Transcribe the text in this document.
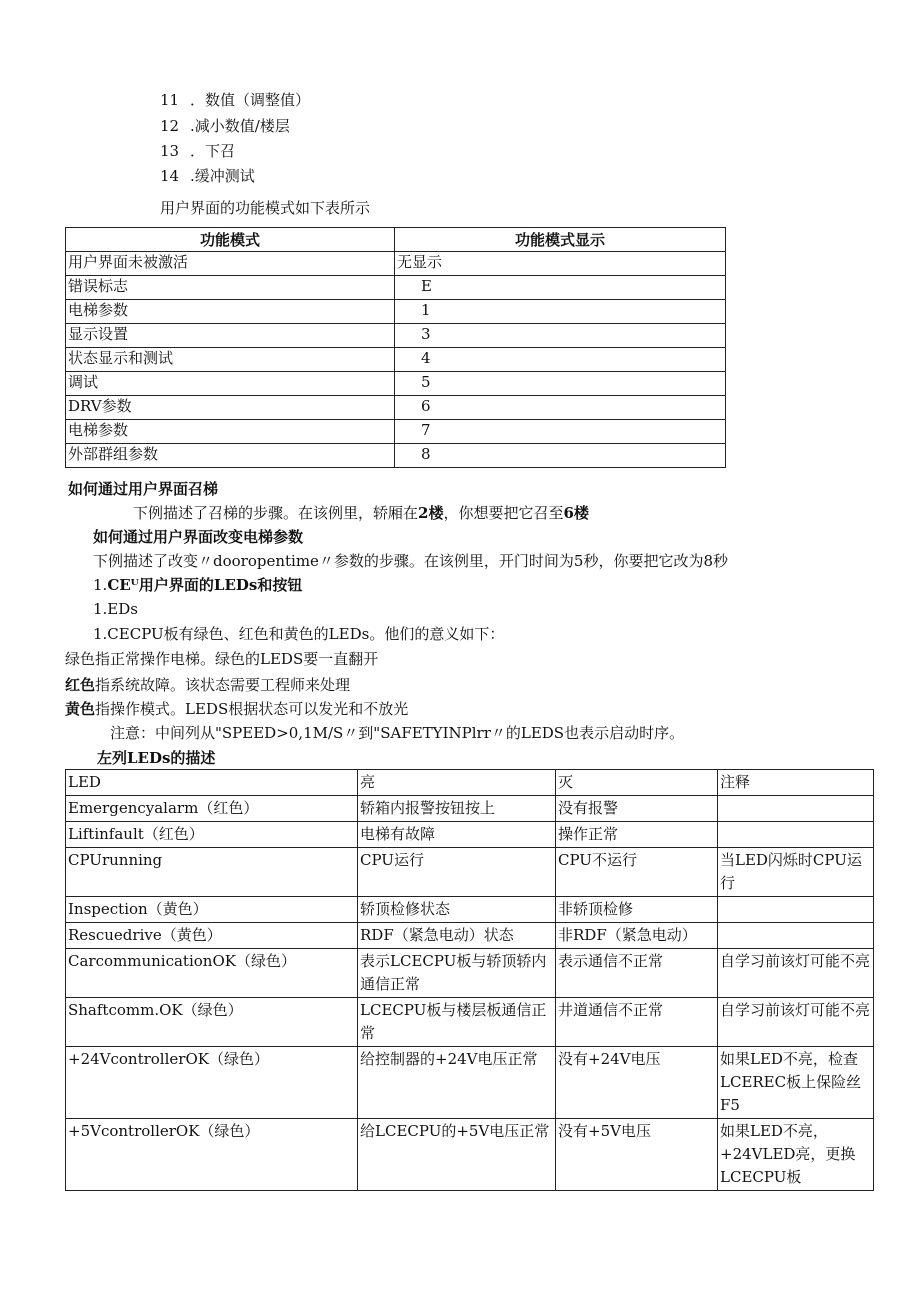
11 ．数值（调整值）
12 .减小数值/楼层
13 ．下召
14 .缓冲测试
用户界面的功能模式如下表所示
功能模式	功能模式显示
用户界面未被激活	无显示
错误标志	E
电梯参数	1
显示设置	3
状态显示和测试	4
调试	5
DRV参数	6
电梯参数	7
外部群组参数	8
如何通过用户界面召梯
下例描述了召梯的步骤。在该例里，轿厢在2楼，你想要把它召至6楼
如何通过用户界面改变电梯参数
下例描述了改变〃dooropentime〃参数的步骤。在该例里，开门时间为5秒，你要把它改为8秒
1.CEᵂ用户界面的LEDs和按钮
1.EDs
1.CECPU板有绿色、红色和黄色的LEDs。他们的意义如下：
绿色指正常操作电梯。绿色的LEDS要一直翻开
红色指系统故障。该状态需要工程师来处理
黄色指操作模式。LEDS根据状态可以发光和不放光
注意：中间列从"SPEED>0,1M/S〃到"SAFETYINPlrr〃的LEDS也表示启动时序。
左列LEDs的描述
LED	亮	灭	注释
Emergencyalarm（红色）	轿箱内报警按钮按上	没有报警	
Liftinfault（红色）	电梯有故障	操作正常	
CPUrunning	CPU运行	CPU不运行	当LED闪烁时CPU运行
Inspection（黄色）	轿顶检修状态	非轿顶检修	
Rescuedrive（黄色）	RDF（紧急电动）状态	非RDF（紧急电动）	
CarcommunicationOK（绿色）	表示LCECPU板与轿顶轿内通信正常	表示通信不正常	自学习前该灯可能不亮
Shaftcomm.OK（绿色）	LCECPU板与楼层板通信正常	井道通信不正常	自学习前该灯可能不亮
+24VcontrollerOK（绿色）	给控制器的+24V电压正常	没有+24V电压	如果LED不亮，检查LCEREC板上保险丝F5
+5VcontrollerOK（绿色）	给LCECPU的+5V电压正常	没有+5V电压	如果LED不亮，+24VLED亮，更换LCECPU板
